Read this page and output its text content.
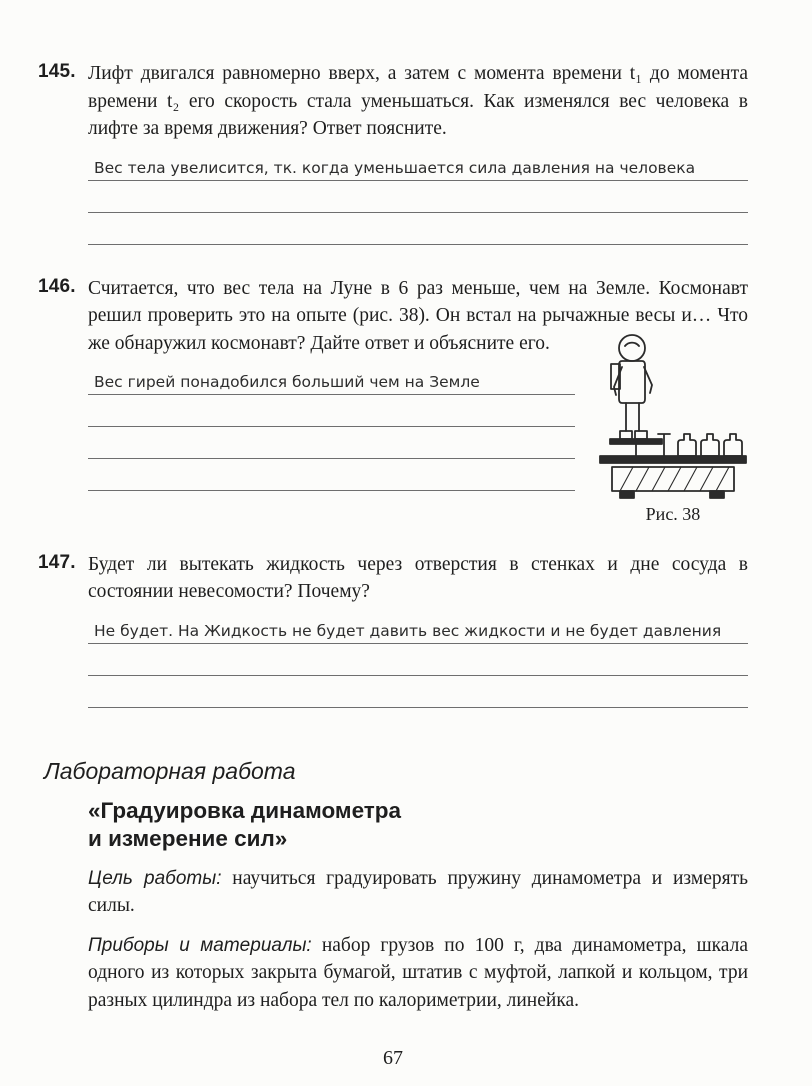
145. Лифт двигался равномерно вверх, а затем с момента времени t₁ до момента времени t₂ его скорость стала уменьшаться. Как изменялся вес человека в лифте за время движения? Ответ поясните.

Вес тела увелисится, тк. когда уменьшается сила давления на человека
146.
Рис. 38

Считается, что вес тела на Луне в 6 раз меньше, чем на Земле. Космонавт решил проверить это на опыте (рис. 38). Он встал на рычажные весы и… Что же обнаружил космонавт? Дайте ответ и объясните его.

Вес гирей понадобился больший чем на Земле
147. Будет ли вытекать жидкость через отверстия в стенках и дне сосуда в состоянии невесомости? Почему?

Не будет. На Жидкость не будет давить вес жидкости и не будет давления
Лабораторная работа
«Градуировка динамометра
и измерение сил»

Цель работы: научиться градуировать пружину динамометра и измерять силы.

Приборы и материалы: набор грузов по 100 г, два динамометра, шкала одного из которых закрыта бумагой, штатив с муфтой, лапкой и кольцом, три разных цилиндра из набора тел по калориметрии, линейка.

67
